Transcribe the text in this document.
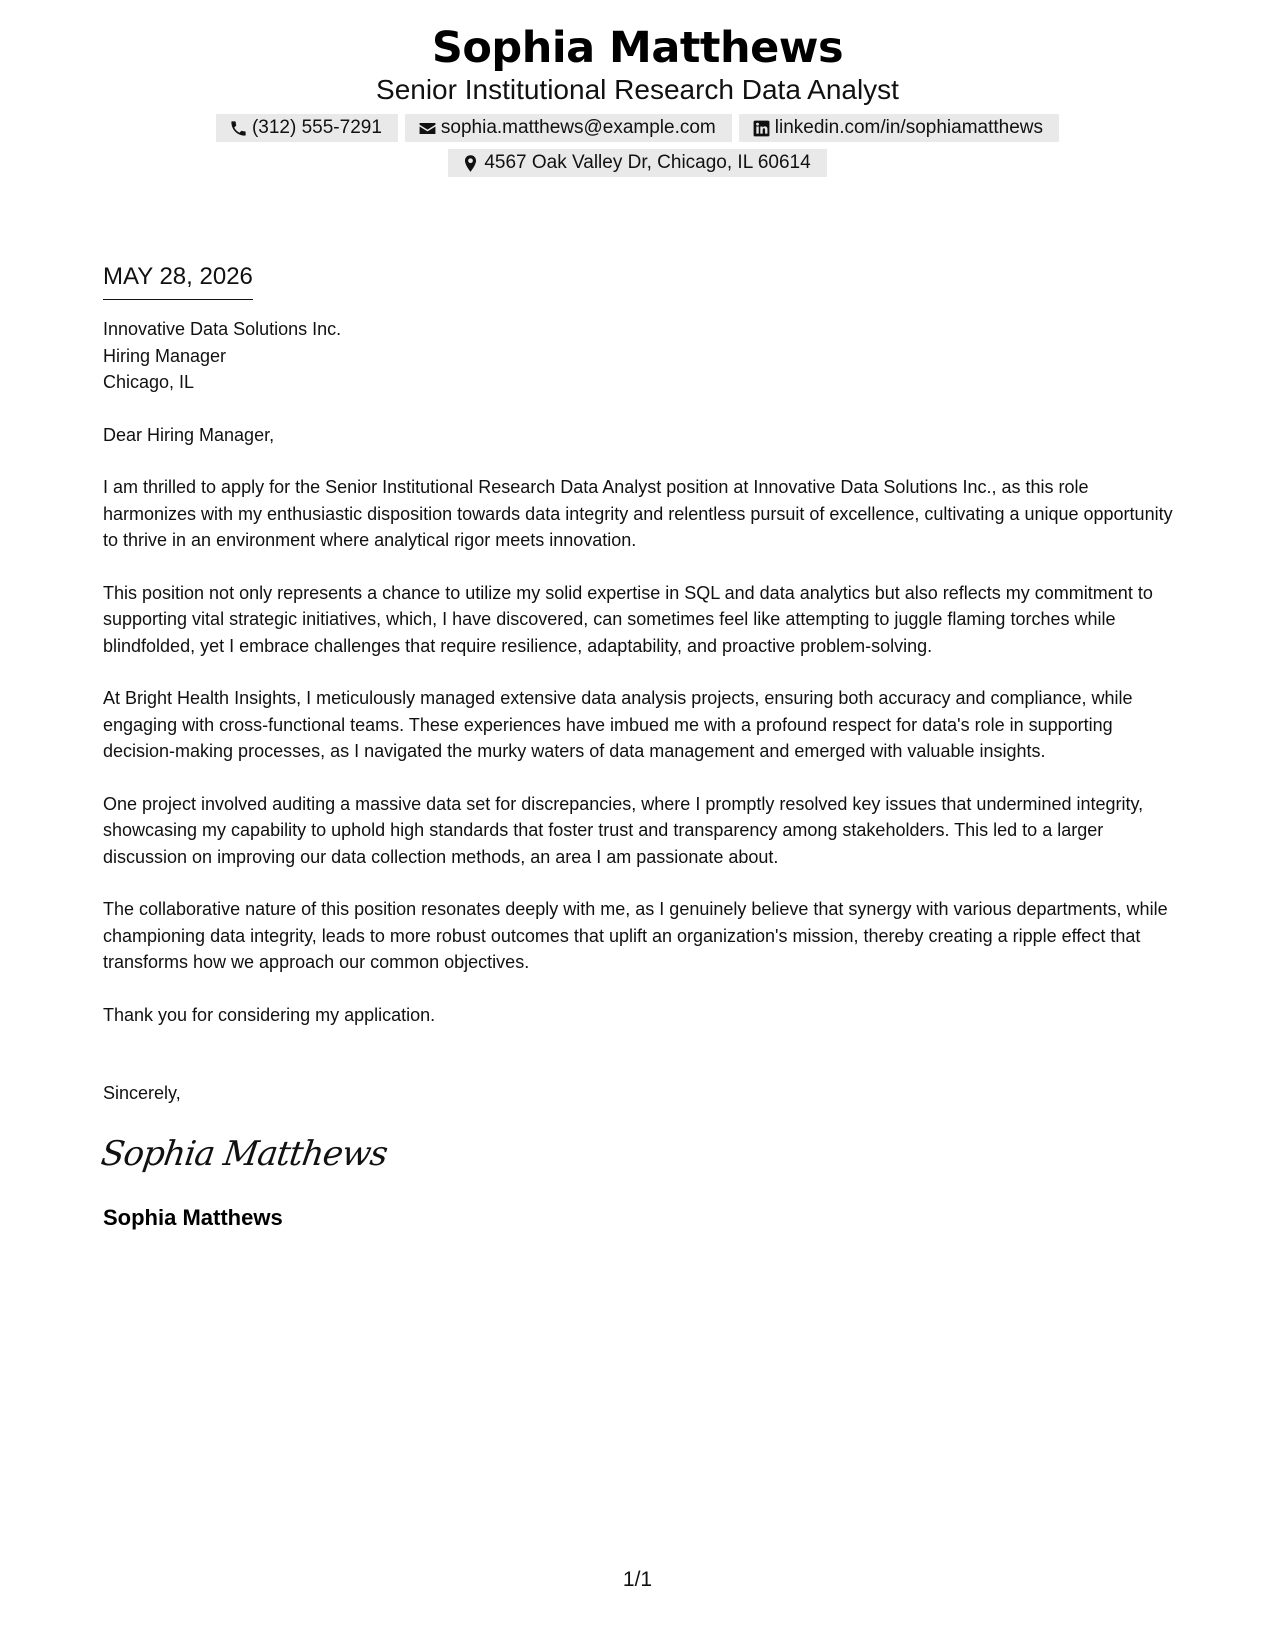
Sophia Matthews
Senior Institutional Research Data Analyst
(312) 555-7291	sophia.matthews@example.com	linkedin.com/in/sophiamatthews
4567 Oak Valley Dr, Chicago, IL 60614
MAY 28, 2026
Innovative Data Solutions Inc.
Hiring Manager
Chicago, IL
Dear Hiring Manager,

I am thrilled to apply for the Senior Institutional Research Data Analyst position at Innovative Data Solutions Inc., as this role harmonizes with my enthusiastic disposition towards data integrity and relentless pursuit of excellence, cultivating a unique opportunity to thrive in an environment where analytical rigor meets innovation.

This position not only represents a chance to utilize my solid expertise in SQL and data analytics but also reflects my commitment to supporting vital strategic initiatives, which, I have discovered, can sometimes feel like attempting to juggle flaming torches while blindfolded, yet I embrace challenges that require resilience, adaptability, and proactive problem-solving.

At Bright Health Insights, I meticulously managed extensive data analysis projects, ensuring both accuracy and compliance, while engaging with cross-functional teams. These experiences have imbued me with a profound respect for data's role in supporting decision-making processes, as I navigated the murky waters of data management and emerged with valuable insights.

One project involved auditing a massive data set for discrepancies, where I promptly resolved key issues that undermined integrity, showcasing my capability to uphold high standards that foster trust and transparency among stakeholders. This led to a larger discussion on improving our data collection methods, an area I am passionate about.

The collaborative nature of this position resonates deeply with me, as I genuinely believe that synergy with various departments, while championing data integrity, leads to more robust outcomes that uplift an organization's mission, thereby creating a ripple effect that transforms how we approach our common objectives.

Thank you for considering my application.

Sincerely,
Sophia Matthews
Sophia Matthews
1/1
